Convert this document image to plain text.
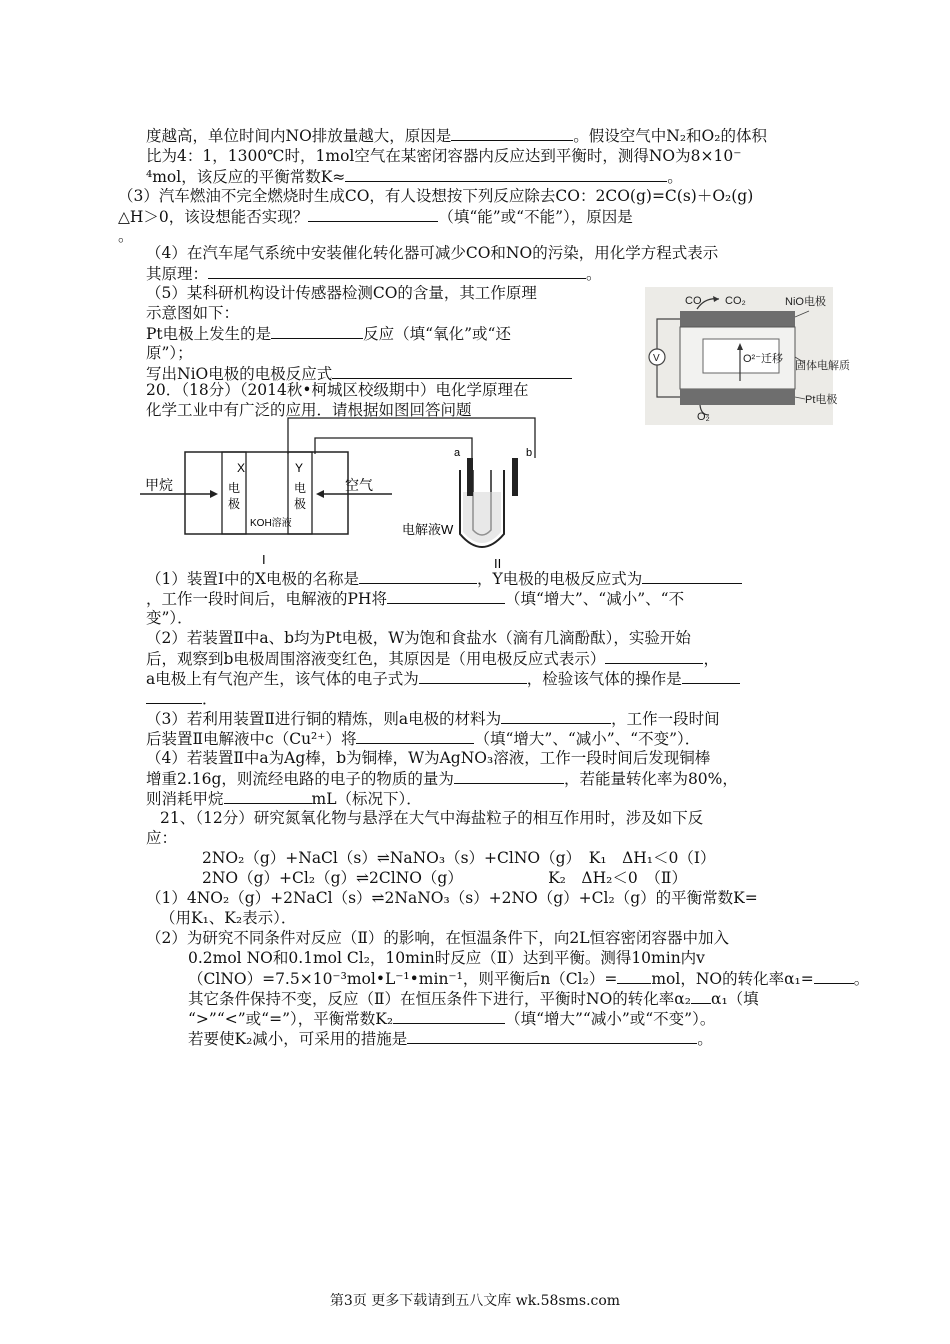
度越高，单位时间内NO排放量越大，原因是	。假设空气中N₂和O₂的体积
比为4：1，1300℃时，1mol空气在某密闭容器内反应达到平衡时，测得NO为8×10⁻
⁴mol，该反应的平衡常数K≈	。
（3）汽车燃油不完全燃烧时生成CO，有人设想按下列反应除去CO：2CO(g)=C(s)＋O₂(g)
△H＞0，该设想能否实现？	（填“能”或“不能”），原因是
。
（4）在汽车尾气系统中安装催化转化器可减少CO和NO的污染，用化学方程式表示
其原理：	。
（5）某科研机构设计传感器检测CO的含量，其工作原理
示意图如下：
Pt电极上发生的是	反应（填“氧化”或“还
原”）；
写出NiO电极的电极反应式
20．（18分）（2014秋•柯城区校级期中）电化学原理在
化学工业中有广泛的应用．请根据如图回答问题
CO CO₂	NiO电极
V	O²⁻迁移
固体电解质
Pt电极
O₂
X
电
极
Y
电
极
KOH溶液
甲烷	空气
a	b
电解液W
I	II
（1）装置Ⅰ中的X电极的名称是	，Y电极的电极反应式为
，工作一段时间后，电解液的PH将	（填“增大”、“减小”、“不
变”）．
（2）若装置Ⅱ中a、b均为Pt电极，W为饱和食盐水（滴有几滴酚酞），实验开始
后，观察到b电极周围溶液变红色，其原因是（用电极反应式表示）	，
a电极上有气泡产生，该气体的电子式为	，检验该气体的操作是
．
（3）若利用装置Ⅱ进行铜的精炼，则a电极的材料为	，工作一段时间
后装置Ⅱ电解液中c（Cu²⁺）将	（填“增大”、“减小”、“不变”）．
（4）若装置Ⅱ中a为Ag棒，b为铜棒，W为AgNO₃溶液，工作一段时间后发现铜棒
增重2.16g，则流经电路的电子的物质的量为	，若能量转化率为80%，
则消耗甲烷	mL（标况下）．
21、（12分）研究氮氧化物与悬浮在大气中海盐粒子的相互作用时，涉及如下反
应：
2NO₂（g）+NaCl（s）⇌NaNO₃（s）+ClNO（g）　K₁　ΔH₁＜0（Ⅰ）
2NO（g）+Cl₂（g）⇌2ClNO（g）　　　　　　K₂　ΔH₂＜0　（Ⅱ）
（1）4NO₂（g）+2NaCl（s）⇌2NaNO₃（s）+2NO（g）+Cl₂（g）的平衡常数K=
（用K₁、K₂表示）．
（2）为研究不同条件对反应（Ⅱ）的影响，在恒温条件下，向2L恒容密闭容器中加入
0.2mol NO和0.1mol Cl₂，10min时反应（Ⅱ）达到平衡。测得10min内v
（ClNO）=7.5×10⁻³mol•L⁻¹•min⁻¹，则平衡后n（Cl₂）= mol，NO的转化率α₁=	。
其它条件保持不变，反应（Ⅱ）在恒压条件下进行，平衡时NO的转化率α₂ α₁（填
“>”“<”或“=”），平衡常数K₂	（填“增大”“减小”或“不变”）。
若要使K₂减小，可采用的措施是	。
第3页 更多下载请到五八文库 wk.58sms.com
